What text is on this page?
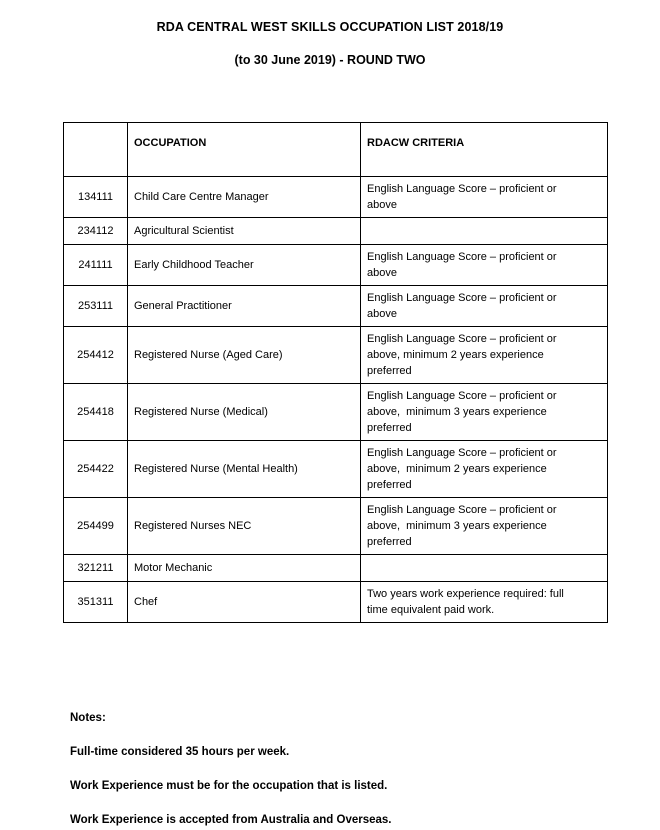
RDA CENTRAL WEST SKILLS OCCUPATION LIST 2018/19
(to 30 June 2019) - ROUND TWO
	OCCUPATION	RDACW CRITERIA
134111	Child Care Centre Manager	English Language Score – proficient or above
234112	Agricultural Scientist	
241111	Early Childhood Teacher	English Language Score – proficient or above
253111	General Practitioner	English Language Score – proficient or above
254412	Registered Nurse (Aged Care)	English Language Score – proficient or above, minimum 2 years experience preferred
254418	Registered Nurse (Medical)	English Language Score – proficient or above,  minimum 3 years experience preferred
254422	Registered Nurse (Mental Health)	English Language Score – proficient or above,  minimum 2 years experience preferred
254499	Registered Nurses NEC	English Language Score – proficient or above,  minimum 3 years experience preferred
321211	Motor Mechanic	
351311	Chef	Two years work experience required: full time equivalent paid work.
Notes:
Full-time considered 35 hours per week.
Work Experience must be for the occupation that is listed.
Work Experience is accepted from Australia and Overseas.
